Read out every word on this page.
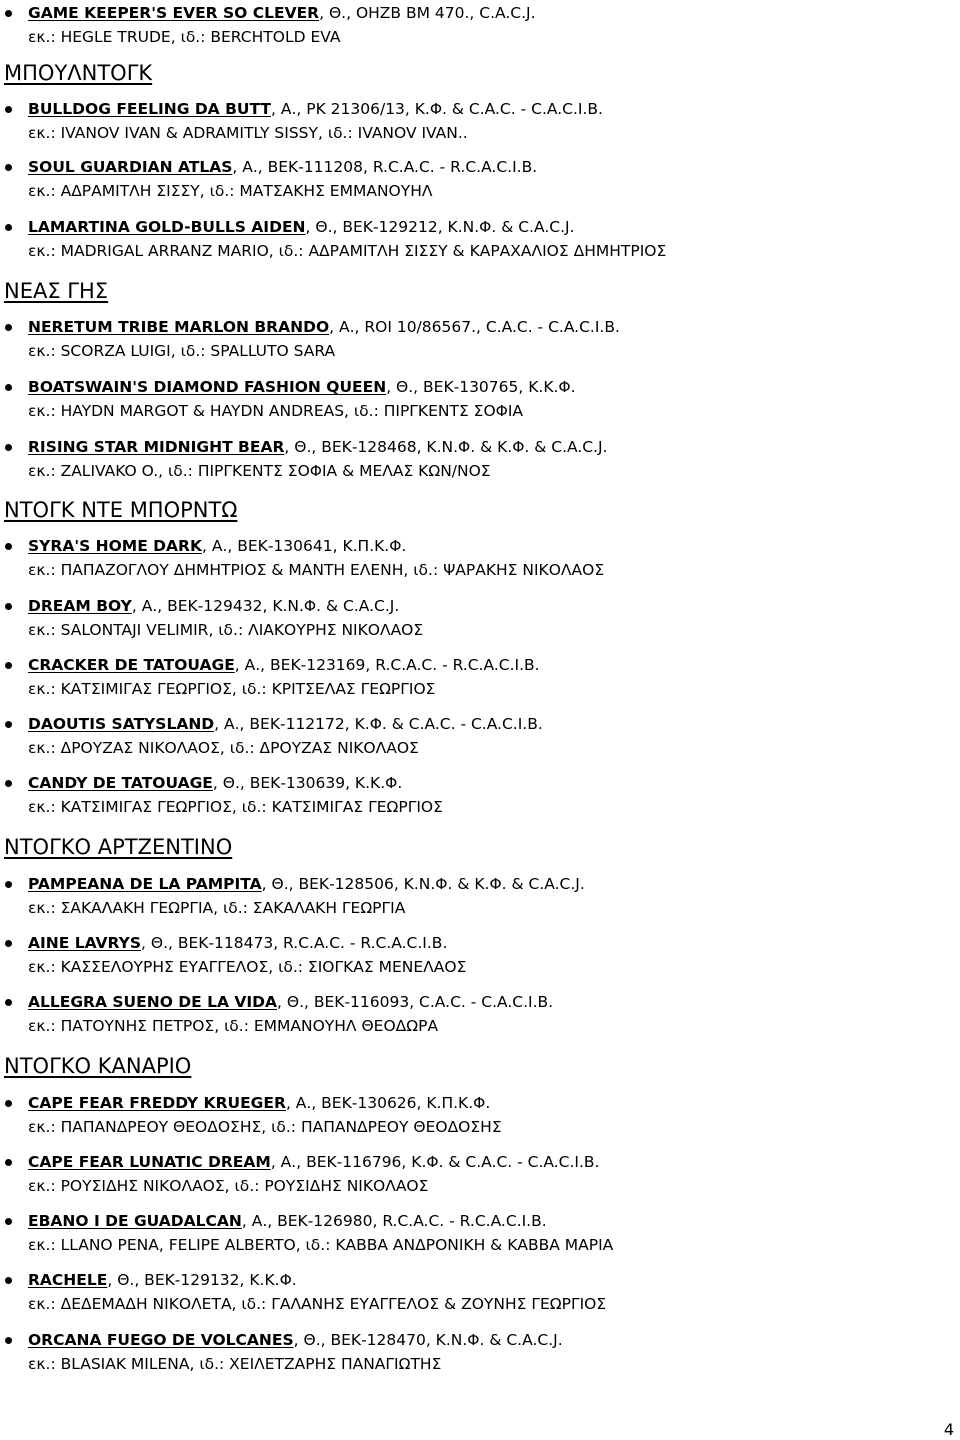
GAME KEEPER'S EVER SO CLEVER, Θ., OHZB BM 470., C.A.C.J.
εκ.: HEGLE TRUDE, ιδ.: BERCHTOLD EVA
ΜΠΟΥΛΝΤΟΓΚ
BULLDOG FEELING DA BUTT, Α., PK 21306/13, Κ.Φ. & C.A.C. - C.A.C.I.B.
εκ.: IVANOV IVAN & ADRAMITLY SISSY, ιδ.: IVANOV IVAN..
SOUL GUARDIAN ATLAS, Α., ΒΕΚ-111208, R.C.A.C. - R.C.A.C.I.B.
εκ.: ΑΔΡΑΜΙΤΛΗ ΣΙΣΣΥ, ιδ.: ΜΑΤΣΑΚΗΣ ΕΜΜΑΝΟΥΗΛ
LAMARTINA GOLD-BULLS AIDEN, Θ., ΒΕΚ-129212, Κ.Ν.Φ. & C.A.C.J.
εκ.: MADRIGAL ARRANZ MARIO, ιδ.: ΑΔΡΑΜΙΤΛΗ ΣΙΣΣΥ & ΚΑΡΑΧΑΛΙΟΣ ΔΗΜΗΤΡΙΟΣ
ΝΕΑΣ ΓΗΣ
NERETUM TRIBE MARLON BRANDO, Α., ROI 10/86567., C.A.C. - C.A.C.I.B.
εκ.: SCORZA LUIGI, ιδ.: SPALLUTO SARA
BOATSWAIN'S DIAMOND FASHION QUEEN, Θ., ΒΕΚ-130765, Κ.Κ.Φ.
εκ.: HAYDN MARGOT & HAYDN ANDREAS, ιδ.: ΠΙΡΓΚΕΝΤΣ ΣΟΦΙΑ
RISING STAR MIDNIGHT BEAR, Θ., ΒΕΚ-128468, Κ.Ν.Φ. & Κ.Φ. & C.A.C.J.
εκ.: ZALIVAKO O., ιδ.: ΠΙΡΓΚΕΝΤΣ ΣΟΦΙΑ & ΜΕΛΑΣ ΚΩΝ/ΝΟΣ
ΝΤΟΓΚ ΝΤΕ ΜΠΟΡΝΤΩ
SYRA'S HOME DARK, Α., ΒΕΚ-130641, Κ.Π.Κ.Φ.
εκ.: ΠΑΠΑΖΟΓΛΟΥ ΔΗΜΗΤΡΙΟΣ & ΜΑΝΤΗ ΕΛΕΝΗ, ιδ.: ΨΑΡΑΚΗΣ ΝΙΚΟΛΑΟΣ
DREAM BOY, Α., ΒΕΚ-129432, Κ.Ν.Φ. & C.A.C.J.
εκ.: SALONTAJI VELIMIR, ιδ.: ΛΙΑΚΟΥΡΗΣ ΝΙΚΟΛΑΟΣ
CRACKER DE TATOUAGE, Α., ΒΕΚ-123169, R.C.A.C. - R.C.A.C.I.B.
εκ.: ΚΑΤΣΙΜΙΓΑΣ ΓΕΩΡΓΙΟΣ, ιδ.: ΚΡΙΤΣΕΛΑΣ ΓΕΩΡΓΙΟΣ
DAOUTIS SATYSLAND, Α., ΒΕΚ-112172, Κ.Φ. & C.A.C. - C.A.C.I.B.
εκ.: ΔΡΟΥΖΑΣ ΝΙΚΟΛΑΟΣ, ιδ.: ΔΡΟΥΖΑΣ ΝΙΚΟΛΑΟΣ
CANDY DE TATOUAGE, Θ., ΒΕΚ-130639, Κ.Κ.Φ.
εκ.: ΚΑΤΣΙΜΙΓΑΣ ΓΕΩΡΓΙΟΣ, ιδ.: ΚΑΤΣΙΜΙΓΑΣ ΓΕΩΡΓΙΟΣ
ΝΤΟΓΚΟ ΑΡΤΖΕΝΤΙΝΟ
PAMPEANA DE LA PAMPITA, Θ., ΒΕΚ-128506, Κ.Ν.Φ. & Κ.Φ. & C.A.C.J.
εκ.: ΣΑΚΑΛΑΚΗ ΓΕΩΡΓΙΑ, ιδ.: ΣΑΚΑΛΑΚΗ ΓΕΩΡΓΙΑ
AINE LAVRYS, Θ., ΒΕΚ-118473, R.C.A.C. - R.C.A.C.I.B.
εκ.: ΚΑΣΣΕΛΟΥΡΗΣ ΕΥΑΓΓΕΛΟΣ, ιδ.: ΣΙΟΓΚΑΣ ΜΕΝΕΛΑΟΣ
ALLEGRA SUENO DE LA VIDA, Θ., ΒΕΚ-116093, C.A.C. - C.A.C.I.B.
εκ.: ΠΑΤΟΥΝΗΣ ΠΕΤΡΟΣ, ιδ.: ΕΜΜΑΝΟΥΗΛ ΘΕΟΔΩΡΑ
ΝΤΟΓΚΟ ΚΑΝΑΡΙΟ
CAPE FEAR FREDDY KRUEGER, Α., ΒΕΚ-130626, Κ.Π.Κ.Φ.
εκ.: ΠΑΠΑΝΔΡΕΟΥ ΘΕΟΔΟΣΗΣ, ιδ.: ΠΑΠΑΝΔΡΕΟΥ ΘΕΟΔΟΣΗΣ
CAPE FEAR LUNATIC DREAM, Α., ΒΕΚ-116796, Κ.Φ. & C.A.C. - C.A.C.I.B.
εκ.: ΡΟΥΣΙΔΗΣ ΝΙΚΟΛΑΟΣ, ιδ.: ΡΟΥΣΙΔΗΣ ΝΙΚΟΛΑΟΣ
EBANO I DE GUADALCAN, Α., ΒΕΚ-126980, R.C.A.C. - R.C.A.C.I.B.
εκ.: LLANO PENA, FELIPE ALBERTO, ιδ.: ΚΑΒΒΑ ΑΝΔΡΟΝΙΚΗ & ΚΑΒΒΑ ΜΑΡΙΑ
RACHELE, Θ., ΒΕΚ-129132, Κ.Κ.Φ.
εκ.: ΔΕΔΕΜΑΔΗ ΝΙΚΟΛΕΤΑ, ιδ.: ΓΑΛΑΝΗΣ ΕΥΑΓΓΕΛΟΣ & ΖΟΥΝΗΣ ΓΕΩΡΓΙΟΣ
ORCANA FUEGO DE VOLCANES, Θ., ΒΕΚ-128470, Κ.Ν.Φ. & C.A.C.J.
εκ.: BLASIAK MILENA, ιδ.: ΧΕΙΛΕΤΖΑΡΗΣ ΠΑΝΑΓΙΩΤΗΣ
4
